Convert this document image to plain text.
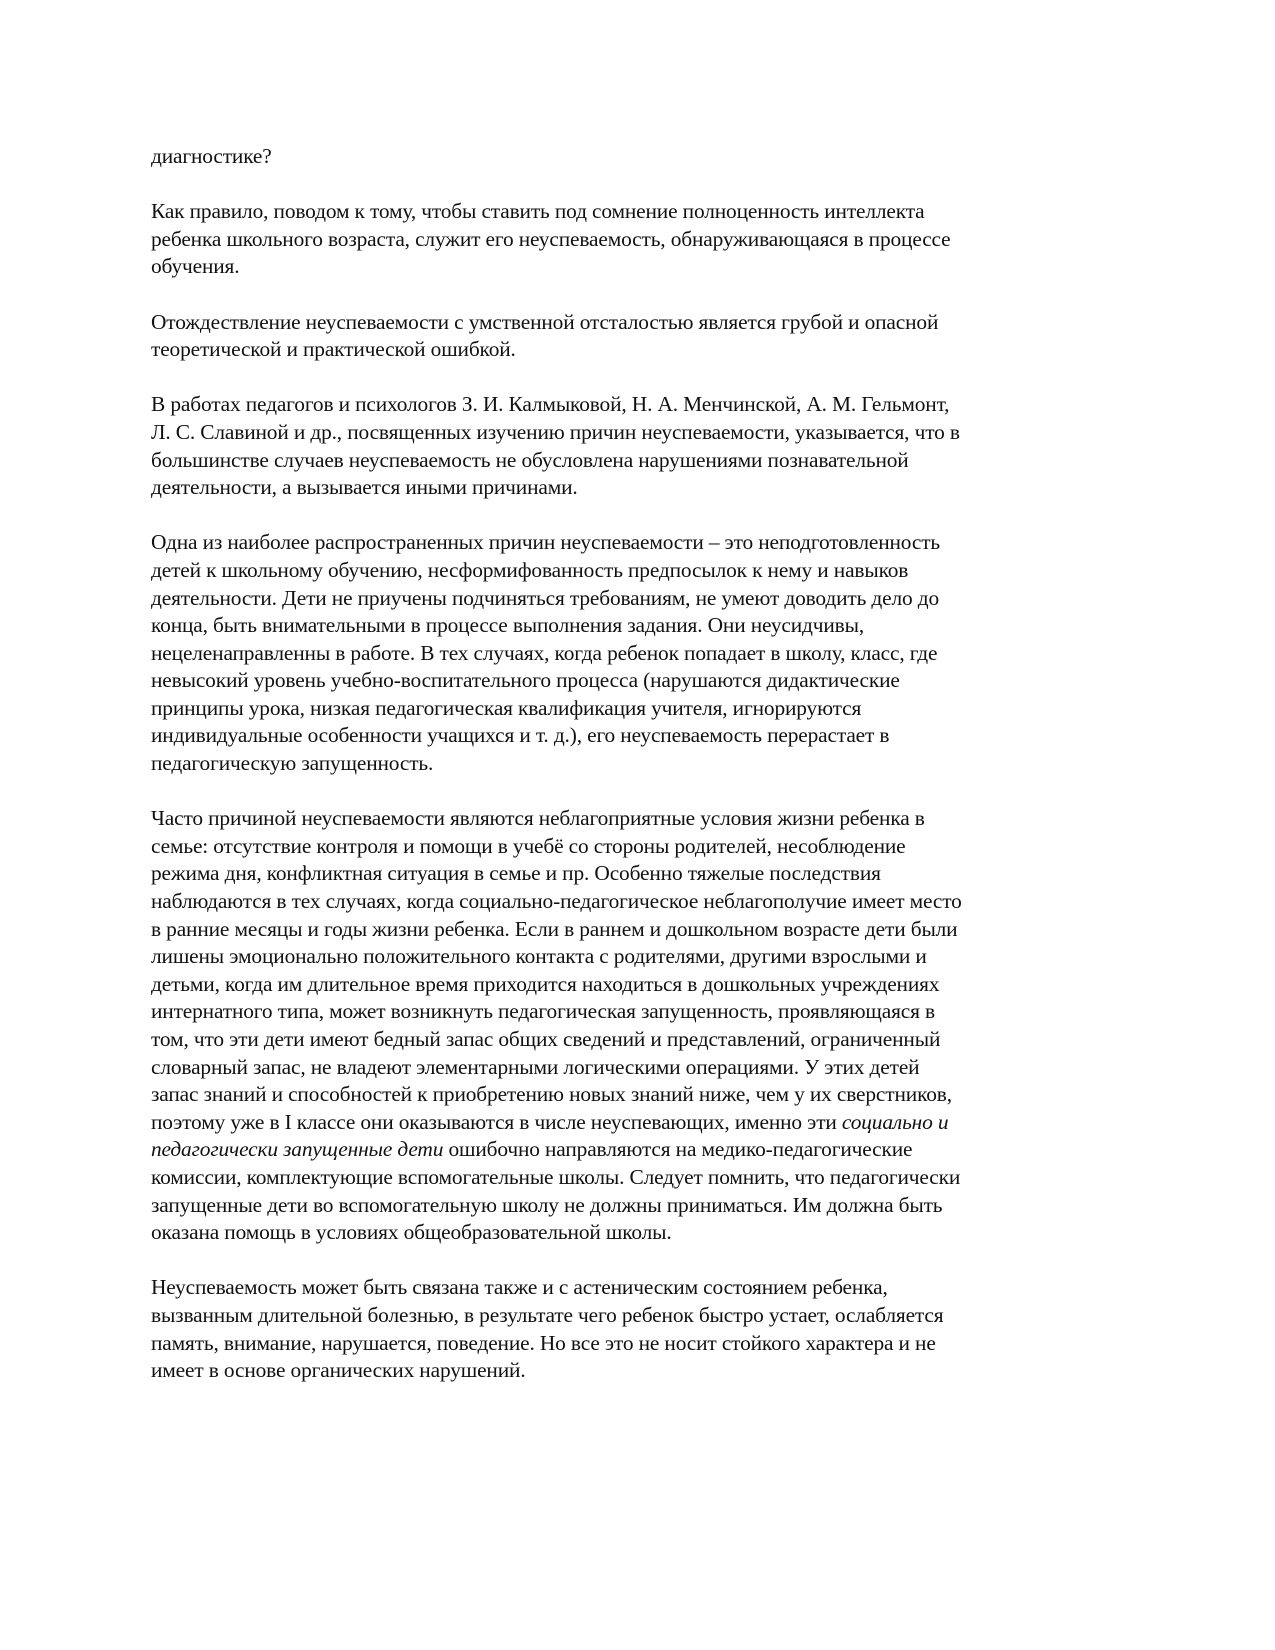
диагностике?

Как правило, поводом к тому, чтобы ставить под сомнение полноценность интеллекта
ребенка школьного возраста, служит его неуспеваемость, обнаруживающаяся в процессе
обучения.

Отождествление неуспеваемости с умственной отсталостью является грубой и опасной
теоретической и практической ошибкой.

В работах педагогов и психологов З. И. Калмыковой, Н. А. Менчинской, А. М. Гельмонт,
Л. С. Славиной и др., посвященных изучению причин неуспеваемости, указывается, что в
большинстве случаев неуспеваемость не обусловлена нарушениями познавательной
деятельности, а вызывается иными причинами.

Одна из наиболее распространенных причин неуспеваемости – это неподготовленность
детей к школьному обучению, несформифованность предпосылок к нему и навыков
деятельности. Дети не приучены подчиняться требованиям, не умеют доводить дело до
конца, быть внимательными в процессе выполнения задания. Они неусидчивы,
нецеленаправленны в работе. В тех случаях, когда ребенок попадает в школу, класс, где
невысокий уровень учебно-воспитательного процесса (нарушаются дидактические
принципы урока, низкая педагогическая квалификация учителя, игнорируются
индивидуальные особенности учащихся и т. д.), его неуспеваемость перерастает в
педагогическую запущенность.

Часто причиной неуспеваемости являются неблагоприятные условия жизни ребенка в
семье: отсутствие контроля и помощи в учебё со стороны родителей, несоблюдение
режима дня, конфликтная ситуация в семье и пр. Особенно тяжелые последствия
наблюдаются в тех случаях, когда социально-педагогическое неблагополучие имеет место
в ранние месяцы и годы жизни ребенка. Если в раннем и дошкольном возрасте дети были
лишены эмоционально положительного контакта с родителями, другими взрослыми и
детьми, когда им длительное время приходится находиться в дошкольных учреждениях
интернатного типа, может возникнуть педагогическая запущенность, проявляющаяся в
том, что эти дети имеют бедный запас общих сведений и представлений, ограниченный
словарный запас, не владеют элементарными логическими операциями. У этих детей
запас знаний и способностей к приобретению новых знаний ниже, чем у их сверстников,
поэтому уже в I классе они оказываются в числе неуспевающих, именно эти социально и
педагогически запущенные дети ошибочно направляются на медико-педагогические
комиссии, комплектующие вспомогательные школы. Следует помнить, что педагогически
запущенные дети во вспомогательную школу не должны приниматься. Им должна быть
оказана помощь в условиях общеобразовательной школы.

Неуспеваемость может быть связана также и с астеническим состоянием ребенка,
вызванным длительной болезнью, в результате чего ребенок быстро устает, ослабляется
память, внимание, нарушается, поведение. Но все это не носит стойкого характера и не
имеет в основе органических нарушений.
